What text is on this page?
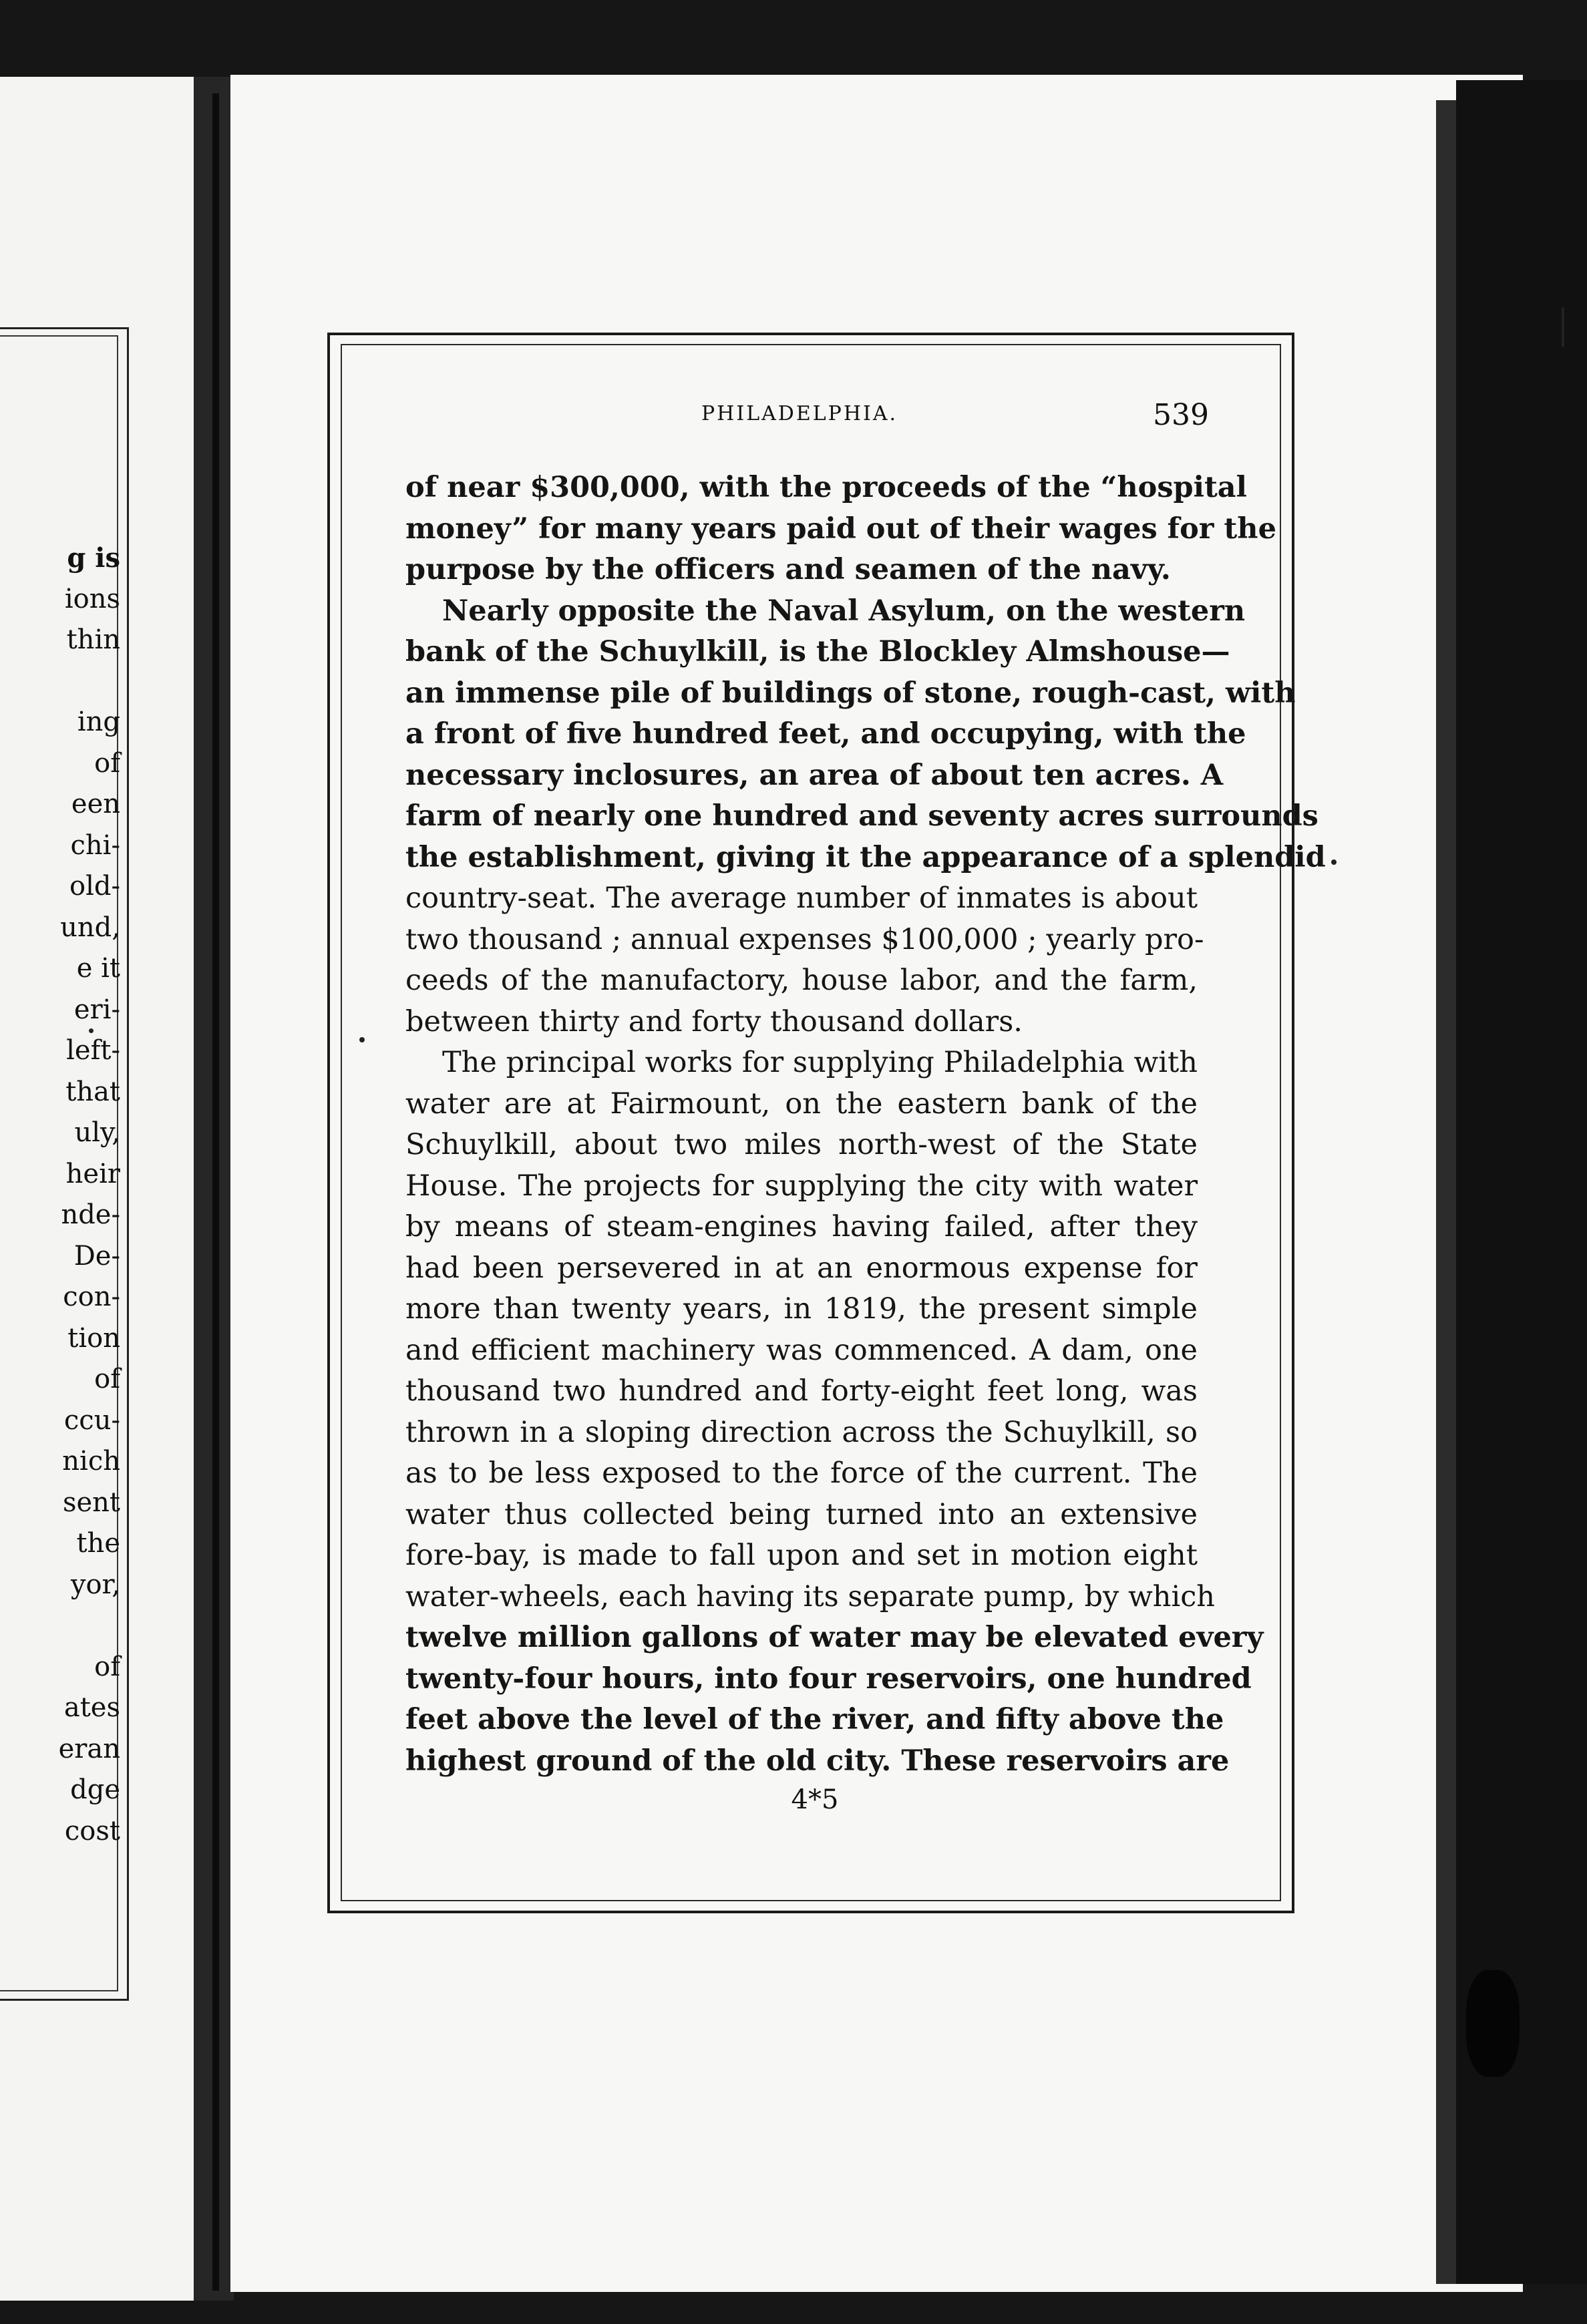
g is
ions
thin
ing
of
een
chi-
old-
und,
e it
eri-
left-
that
uly,
heir
nde-
De-
con-
tion
of
ccu-
nich
sent
the
yor,
of
ates
eran
dge
cost
PHILADELPHIA.	539
of near $300,000, with the proceeds of the “hospital
money” for many years paid out of their wages for the
purpose by the officers and seamen of the navy.
Nearly opposite the Naval Asylum, on the western
bank of the Schuylkill, is the Blockley Almshouse—
an immense pile of buildings of stone, rough-cast, with
a front of five hundred feet, and occupying, with the
necessary inclosures, an area of about ten acres. A
farm of nearly one hundred and seventy acres surrounds
the establishment, giving it the appearance of a splendid
country-seat. The average number of inmates is about
two thousand ; annual expenses $100,000 ; yearly pro-
ceeds of the manufactory, house labor, and the farm,
between thirty and forty thousand dollars.
The principal works for supplying Philadelphia with
water are at Fairmount, on the eastern bank of the
Schuylkill, about two miles north-west of the State
House. The projects for supplying the city with water
by means of steam-engines having failed, after they
had been persevered in at an enormous expense for
more than twenty years, in 1819, the present simple
and efficient machinery was commenced. A dam, one
thousand two hundred and forty-eight feet long, was
thrown in a sloping direction across the Schuylkill, so
as to be less exposed to the force of the current. The
water thus collected being turned into an extensive
fore-bay, is made to fall upon and set in motion eight
water-wheels, each having its separate pump, by which
twelve million gallons of water may be elevated every
twenty-four hours, into four reservoirs, one hundred
feet above the level of the river, and fifty above the
highest ground of the old city. These reservoirs are
4*5
